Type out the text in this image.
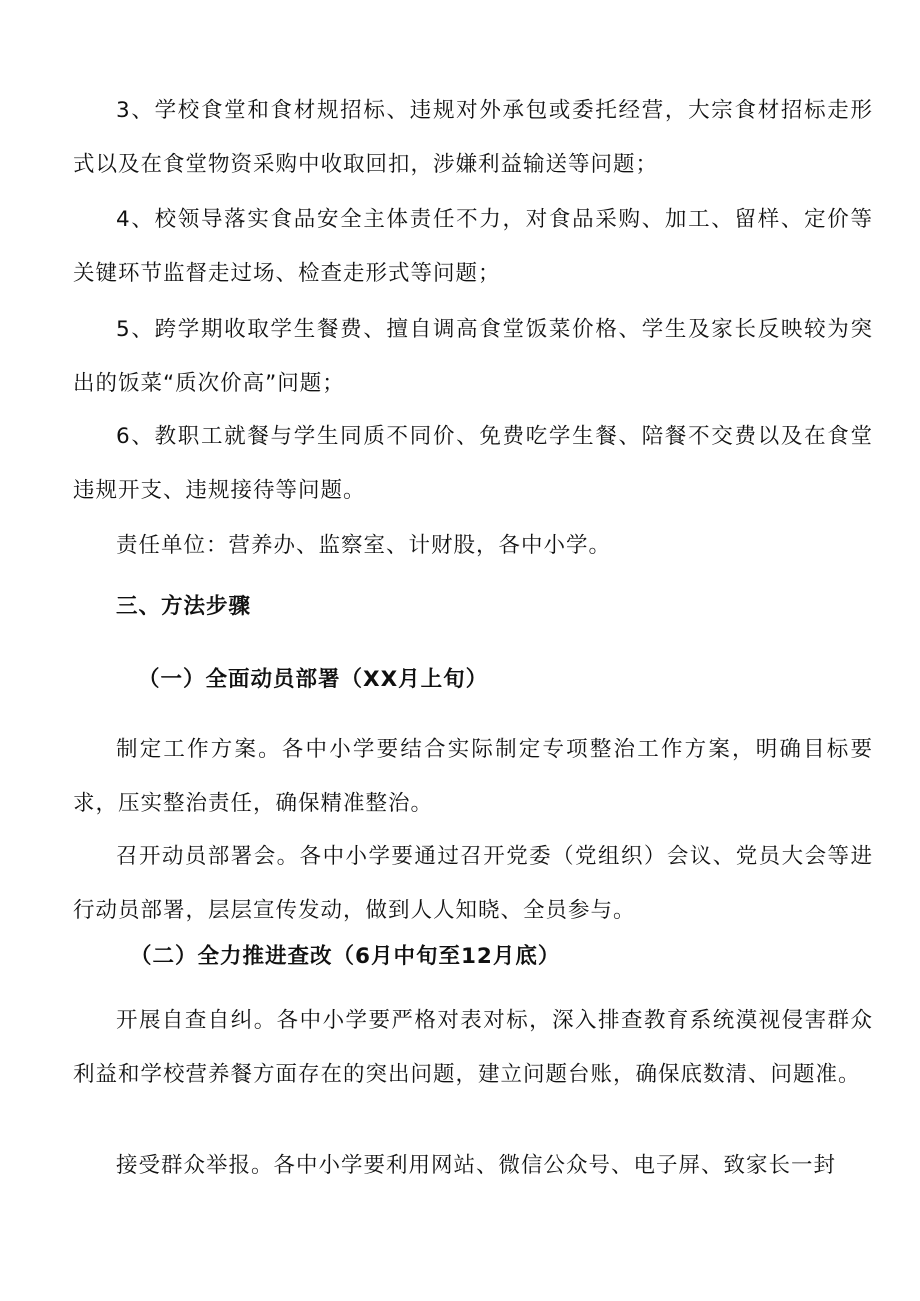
3、学校食堂和食材规招标、违规对外承包或委托经营，大宗食材招标走形式以及在食堂物资采购中收取回扣，涉嫌利益输送等问题；

4、校领导落实食品安全主体责任不力，对食品采购、加工、留样、定价等关键环节监督走过场、检查走形式等问题；

5、跨学期收取学生餐费、擅自调高食堂饭菜价格、学生及家长反映较为突出的饭菜“质次价高”问题；

6、教职工就餐与学生同质不同价、免费吃学生餐、陪餐不交费以及在食堂违规开支、违规接待等问题。

责任单位：营养办、监察室、计财股，各中小学。

三、方法步骤
（一）全面动员部署（XX月上旬）

制定工作方案。各中小学要结合实际制定专项整治工作方案，明确目标要求，压实整治责任，确保精准整治。

召开动员部署会。各中小学要通过召开党委（党组织）会议、党员大会等进行动员部署，层层宣传发动，做到人人知晓、全员参与。

（二）全力推进查改（6月中旬至12月底）

开展自查自纠。各中小学要严格对表对标，深入排查教育系统漠视侵害群众利益和学校营养餐方面存在的突出问题，建立问题台账，确保底数清、问题准。

接受群众举报。各中小学要利用网站、微信公众号、电子屏、致家长一封
